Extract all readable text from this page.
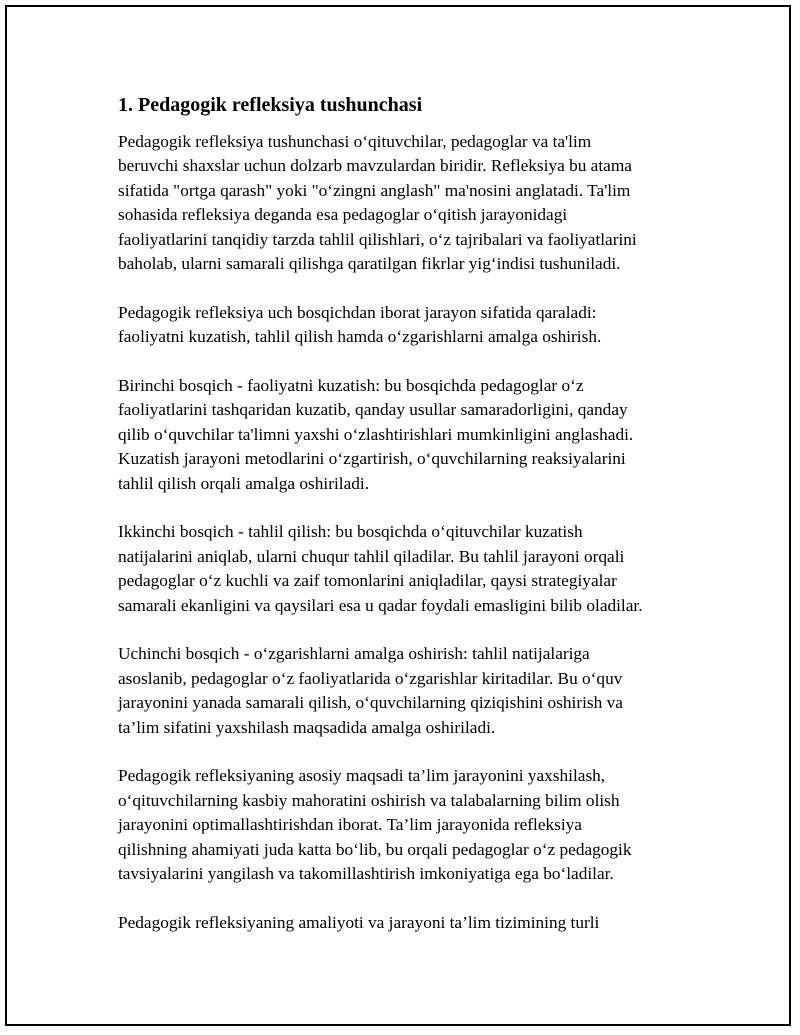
1. Pedagogik refleksiya tushunchasi

Pedagogik refleksiya tushunchasi oʻqituvchilar, pedagoglar va ta'lim
beruvchi shaxslar uchun dolzarb mavzulardan biridir. Refleksiya bu atama
sifatida "ortga qarash" yoki "oʻzingni anglash" ma'nosini anglatadi. Ta'lim
sohasida refleksiya deganda esa pedagoglar oʻqitish jarayonidagi
faoliyatlarini tanqidiy tarzda tahlil qilishlari, oʻz tajribalari va faoliyatlarini
baholab, ularni samarali qilishga qaratilgan fikrlar yigʻindisi tushuniladi.

Pedagogik refleksiya uch bosqichdan iborat jarayon sifatida qaraladi:
faoliyatni kuzatish, tahlil qilish hamda oʻzgarishlarni amalga oshirish.

Birinchi bosqich - faoliyatni kuzatish: bu bosqichda pedagoglar oʻz
faoliyatlarini tashqaridan kuzatib, qanday usullar samaradorligini, qanday
qilib oʻquvchilar ta'limni yaxshi oʻzlashtirishlari mumkinligini anglashadi.
Kuzatish jarayoni metodlarini oʻzgartirish, oʻquvchilarning reaksiyalarini
tahlil qilish orqali amalga oshiriladi.

Ikkinchi bosqich - tahlil qilish: bu bosqichda oʻqituvchilar kuzatish
natijalarini aniqlab, ularni chuqur tahlil qiladilar. Bu tahlil jarayoni orqali
pedagoglar oʻz kuchli va zaif tomonlarini aniqladilar, qaysi strategiyalar
samarali ekanligini va qaysilari esa u qadar foydali emasligini bilib oladilar.

Uchinchi bosqich - oʻzgarishlarni amalga oshirish: tahlil natijalariga
asoslanib, pedagoglar oʻz faoliyatlarida oʻzgarishlar kiritadilar. Bu oʻquv
jarayonini yanada samarali qilish, oʻquvchilarning qiziqishini oshirish va
ta’lim sifatini yaxshilash maqsadida amalga oshiriladi.

Pedagogik refleksiyaning asosiy maqsadi ta’lim jarayonini yaxshilash,
oʻqituvchilarning kasbiy mahoratini oshirish va talabalarning bilim olish
jarayonini optimallashtirishdan iborat. Ta’lim jarayonida refleksiya
qilishning ahamiyati juda katta boʻlib, bu orqali pedagoglar oʻz pedagogik
tavsiyalarini yangilash va takomillashtirish imkoniyatiga ega boʻladilar.

Pedagogik refleksiyaning amaliyoti va jarayoni ta’lim tizimining turli
